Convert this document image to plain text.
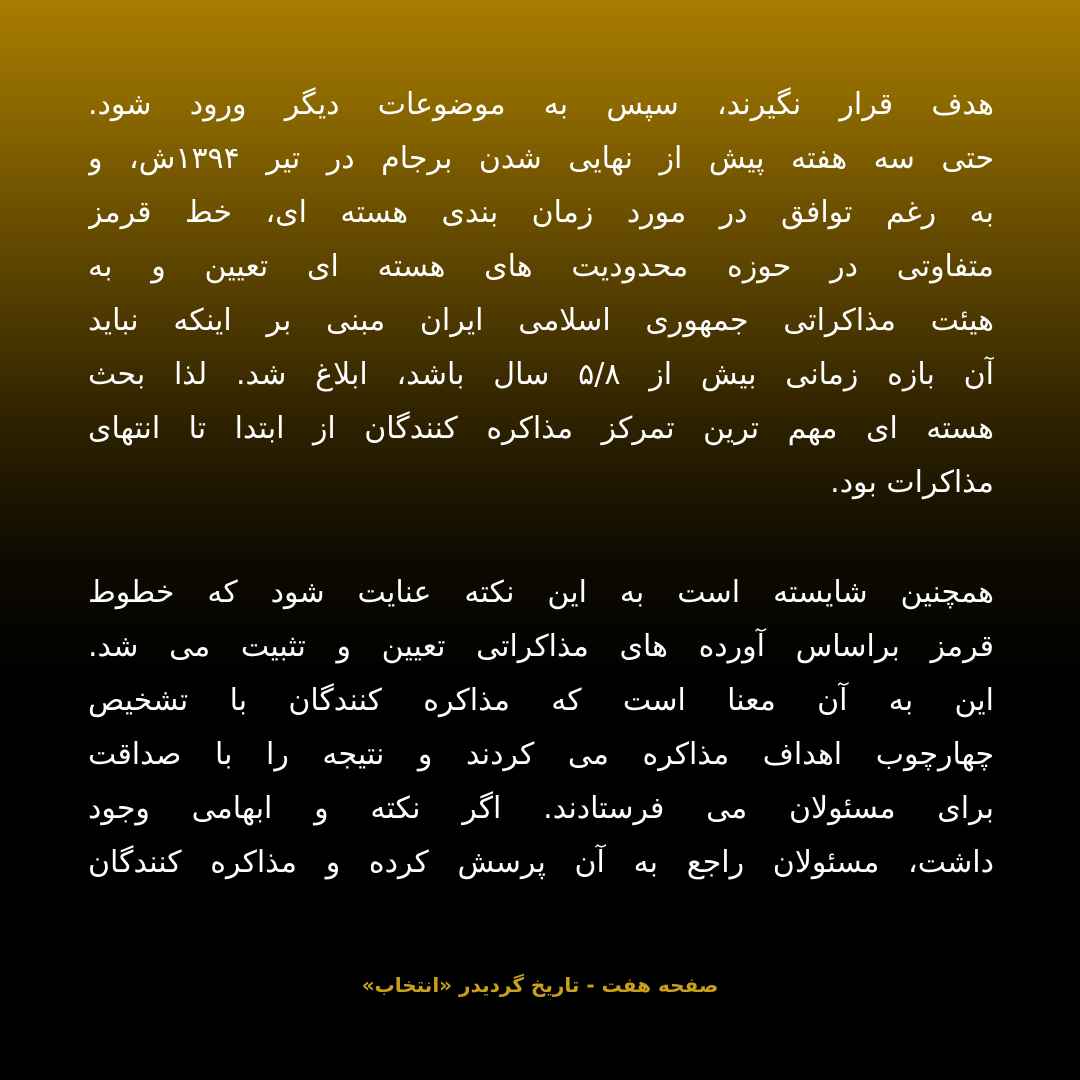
هدف قرار نگیرند، سپس به موضوعات دیگر ورود شود.
حتی سه هفته پیش از نهایی شدن برجام در تیر ۱۳۹۴ش، و
به رغم توافق در مورد زمان بندی هسته ای، خط قرمز
متفاوتی در حوزه محدودیت های هسته ای تعیین و به
هیئت مذاکراتی جمهوری اسلامی ایران مبنی بر اینکه نباید
آن بازه زمانی بیش از ۵/۸ سال باشد، ابلاغ شد. لذا بحث
هسته ای مهم ترین تمرکز مذاکره کنندگان از ابتدا تا انتهای
مذاکرات بود.
همچنین شایسته است به این نکته عنایت شود که خطوط
قرمز براساس آورده های مذاکراتی تعیین و تثبیت می شد.
این به آن معنا است که مذاکره کنندگان با تشخیص
چهارچوب اهداف مذاکره می کردند و نتیجه را با صداقت
برای مسئولان می فرستادند. اگر نکته و ابهامی وجود
داشت، مسئولان راجع به آن پرسش کرده و مذاکره کنندگان
صفحه هفت - تاریخ گردیدر «انتخاب»
